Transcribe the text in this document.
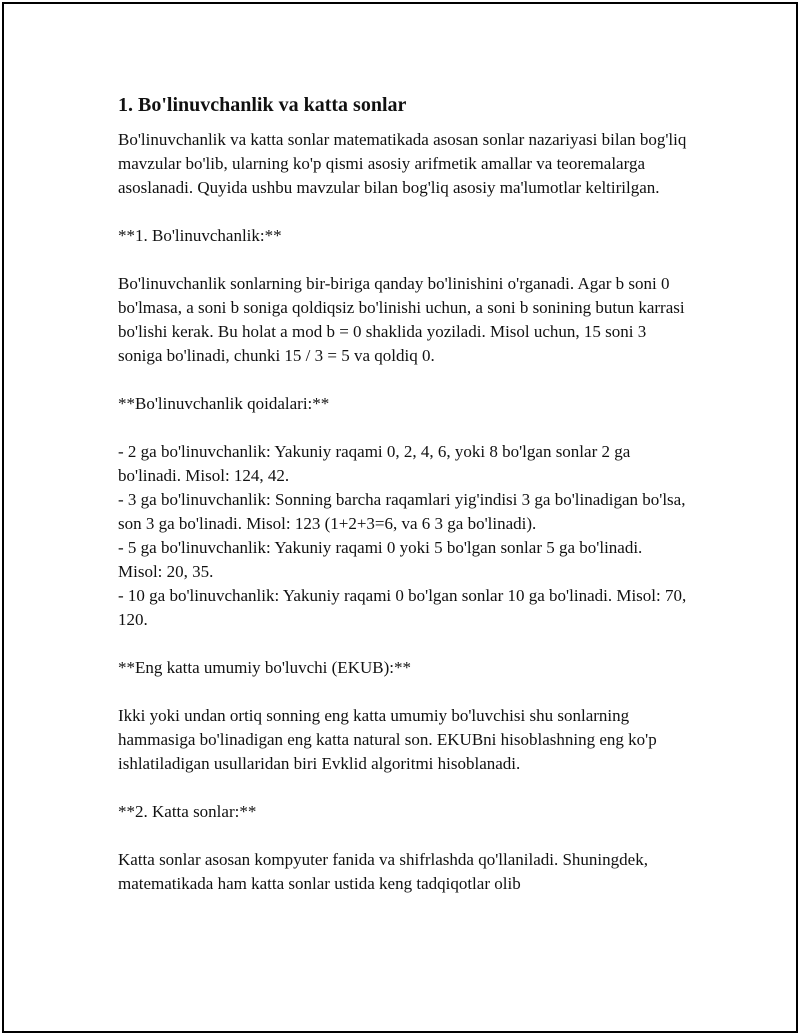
1. Bo'linuvchanlik va katta sonlar

Bo'linuvchanlik va katta sonlar matematikada asosan sonlar nazariyasi bilan bog'liq mavzular bo'lib, ularning ko'p qismi asosiy arifmetik amallar va teoremalarga asoslanadi. Quyida ushbu mavzular bilan bog'liq asosiy ma'lumotlar keltirilgan.

**1. Bo'linuvchanlik:**

Bo'linuvchanlik sonlarning bir-biriga qanday bo'linishini o'rganadi. Agar b soni 0 bo'lmasa, a soni b soniga qoldiqsiz bo'linishi uchun, a soni b sonining butun karrasi bo'lishi kerak. Bu holat a mod b = 0 shaklida yoziladi. Misol uchun, 15 soni 3 soniga bo'linadi, chunki 15 / 3 = 5 va qoldiq 0.

**Bo'linuvchanlik qoidalari:**

- 2 ga bo'linuvchanlik: Yakuniy raqami 0, 2, 4, 6, yoki 8 bo'lgan sonlar 2 ga bo'linadi. Misol: 124, 42.

- 3 ga bo'linuvchanlik: Sonning barcha raqamlari yig'indisi 3 ga bo'linadigan bo'lsa, son 3 ga bo'linadi. Misol: 123 (1+2+3=6, va 6 3 ga bo'linadi).

- 5 ga bo'linuvchanlik: Yakuniy raqami 0 yoki 5 bo'lgan sonlar 5 ga bo'linadi. Misol: 20, 35.

- 10 ga bo'linuvchanlik: Yakuniy raqami 0 bo'lgan sonlar 10 ga bo'linadi. Misol: 70, 120.

**Eng katta umumiy bo'luvchi (EKUB):**

Ikki yoki undan ortiq sonning eng katta umumiy bo'luvchisi shu sonlarning hammasiga bo'linadigan eng katta natural son. EKUBni hisoblashning eng ko'p ishlatiladigan usullaridan biri Evklid algoritmi hisoblanadi.

**2. Katta sonlar:**

Katta sonlar asosan kompyuter fanida va shifrlashda qo'llaniladi. Shuningdek, matematikada ham katta sonlar ustida keng tadqiqotlar olib
